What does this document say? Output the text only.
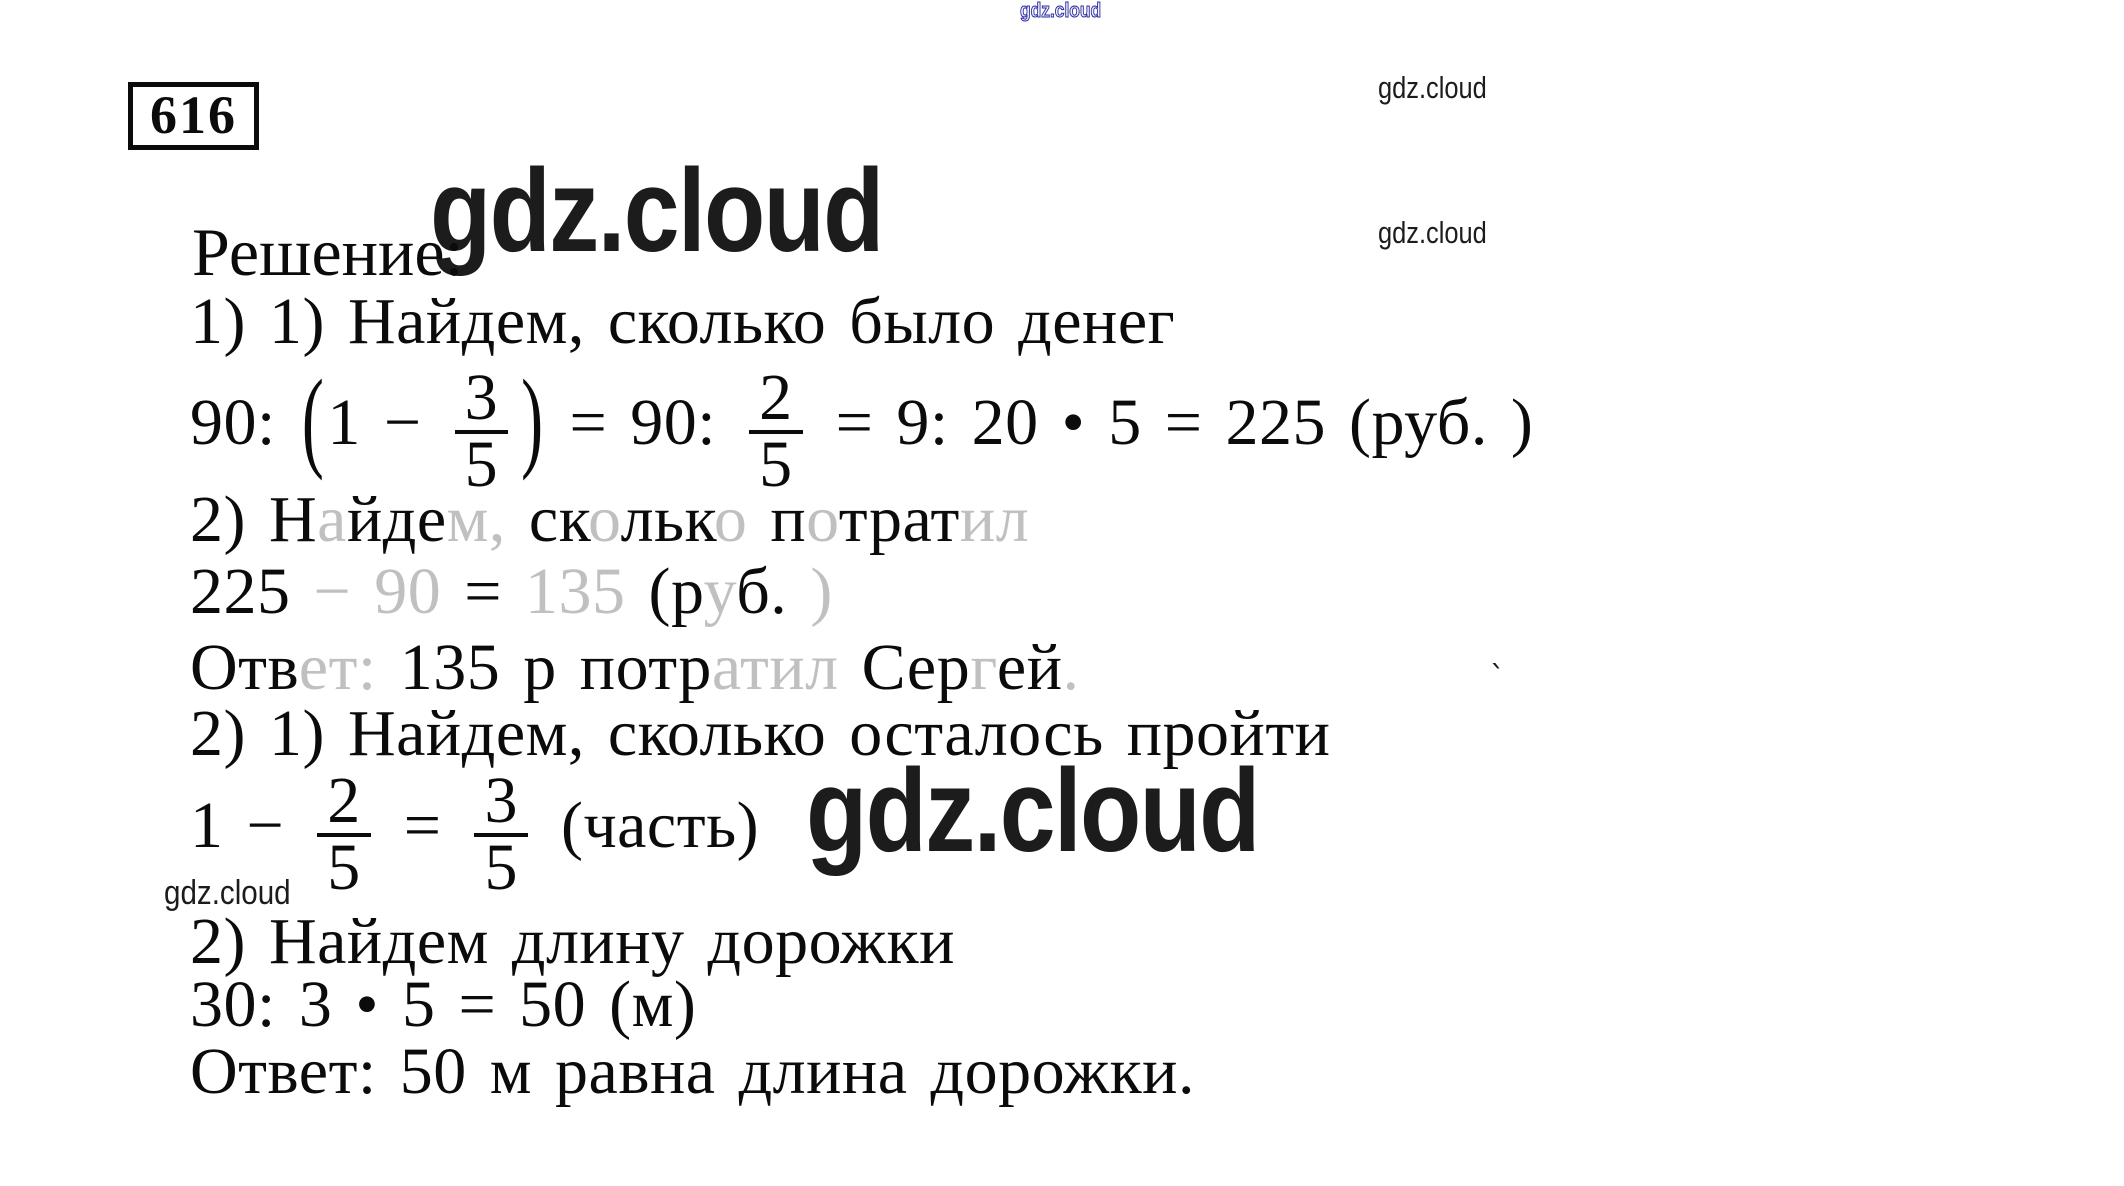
616
gdz.cloud
gdz.cloud
gdz.cloud
gdz.cloud
gdz.cloud
gdz.cloud
Решение:
1) 1) Найдем, сколько было денег
90: ($1 - \frac{3}{5}$ ) = 90: $\frac{2}{5} = 9$: 20 • 5 = 225 (руб. )
2) Найдем, сколько потратил
225 − 90 = 135 (руб. )
Ответ: 135 р потратил Сергей.
2) 1) Найдем, сколько осталось пройти
$1 - \frac{2}{5} = \frac{3}{5}$ (часть)
2) Найдем длину дорожки
30: 3 • 5 = 50 (м)
Ответ: 50 м равна длина дорожки.
ˋ
